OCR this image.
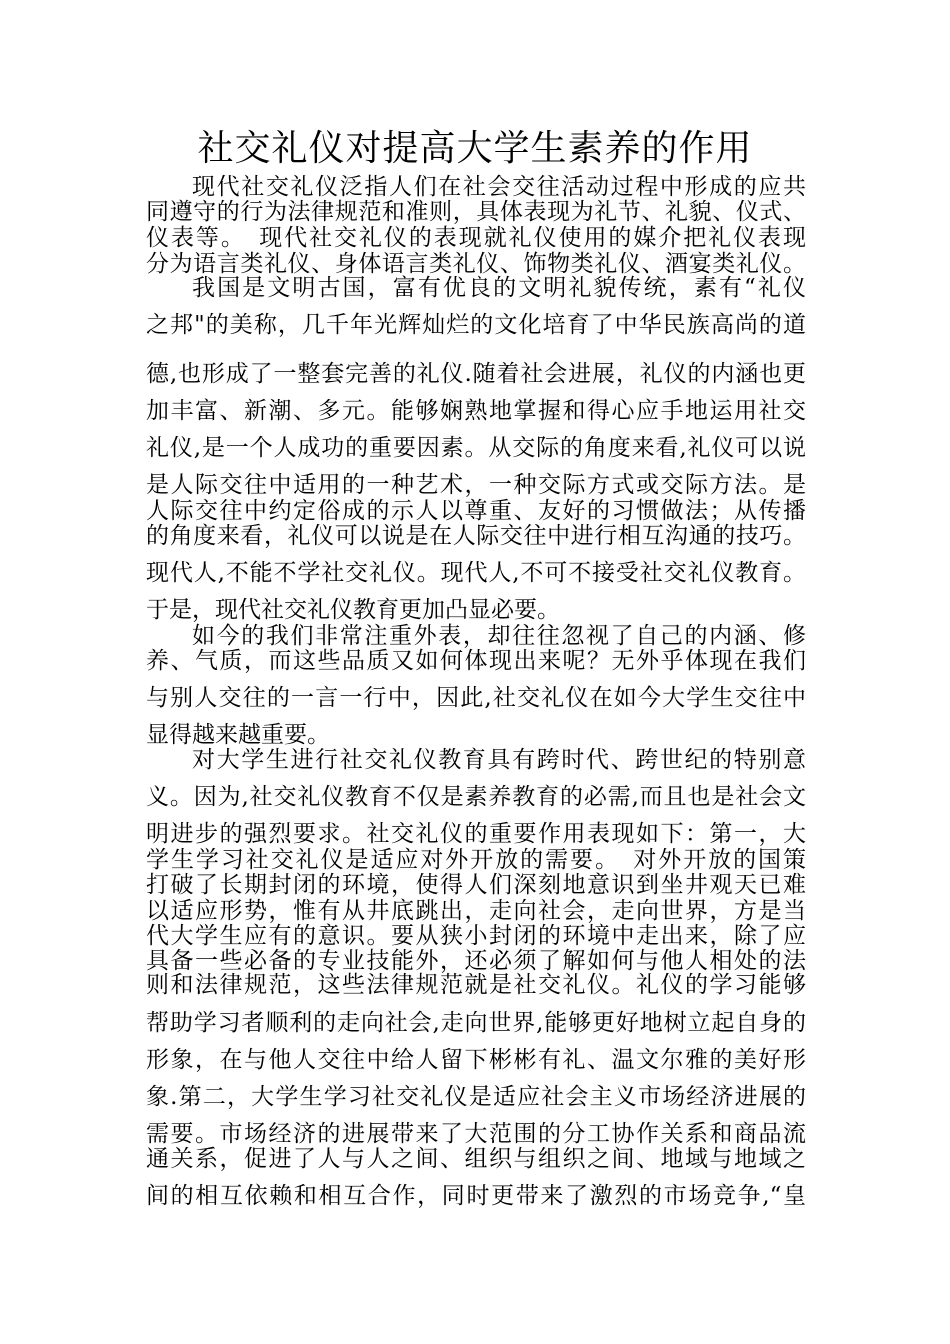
社交礼仪对提高大学生素养的作用
现代社交礼仪泛指人们在社会交往活动过程中形成的应共
同遵守的行为法律规范和准则，具体表现为礼节、礼貌、仪式、
仪表等。　现代社交礼仪的表现就礼仪使用的媒介把礼仪表现
分为语言类礼仪、身体语言类礼仪、饰物类礼仪、酒宴类礼仪。
我国是文明古国，富有优良的文明礼貌传统，素有“礼仪
之邦"的美称，几千年光辉灿烂的文化培育了中华民族高尚的道
德,也形成了一整套完善的礼仪.随着社会进展，礼仪的内涵也更
加丰富、新潮、多元。能够娴熟地掌握和得心应手地运用社交
礼仪,是一个人成功的重要因素。从交际的角度来看,礼仪可以说
是人际交往中适用的一种艺术，一种交际方式或交际方法。是
人际交往中约定俗成的示人以尊重、友好的习惯做法；从传播
的角度来看，礼仪可以说是在人际交往中进行相互沟通的技巧。
现代人,不能不学社交礼仪。现代人,不可不接受社交礼仪教育。
于是，现代社交礼仪教育更加凸显必要。
如今的我们非常注重外表，却往往忽视了自己的内涵、修
养、气质，而这些品质又如何体现出来呢？无外乎体现在我们
与别人交往的一言一行中，因此,社交礼仪在如今大学生交往中
显得越来越重要。
对大学生进行社交礼仪教育具有跨时代、跨世纪的特别意
义。因为,社交礼仪教育不仅是素养教育的必需,而且也是社会文
明进步的强烈要求。社交礼仪的重要作用表现如下：第一，大
学生学习社交礼仪是适应对外开放的需要。　对外开放的国策
打破了长期封闭的环境，使得人们深刻地意识到坐井观天已难
以适应形势，惟有从井底跳出，走向社会，走向世界，方是当
代大学生应有的意识。要从狭小封闭的环境中走出来，除了应
具备一些必备的专业技能外，还必须了解如何与他人相处的法
则和法律规范，这些法律规范就是社交礼仪。礼仪的学习能够
帮助学习者顺利的走向社会,走向世界,能够更好地树立起自身的
形象，在与他人交往中给人留下彬彬有礼、温文尔雅的美好形
象.第二，大学生学习社交礼仪是适应社会主义市场经济进展的
需要。市场经济的进展带来了大范围的分工协作关系和商品流
通关系，促进了人与人之间、组织与组织之间、地域与地域之
间的相互依赖和相互合作，同时更带来了激烈的市场竞争,“皇
